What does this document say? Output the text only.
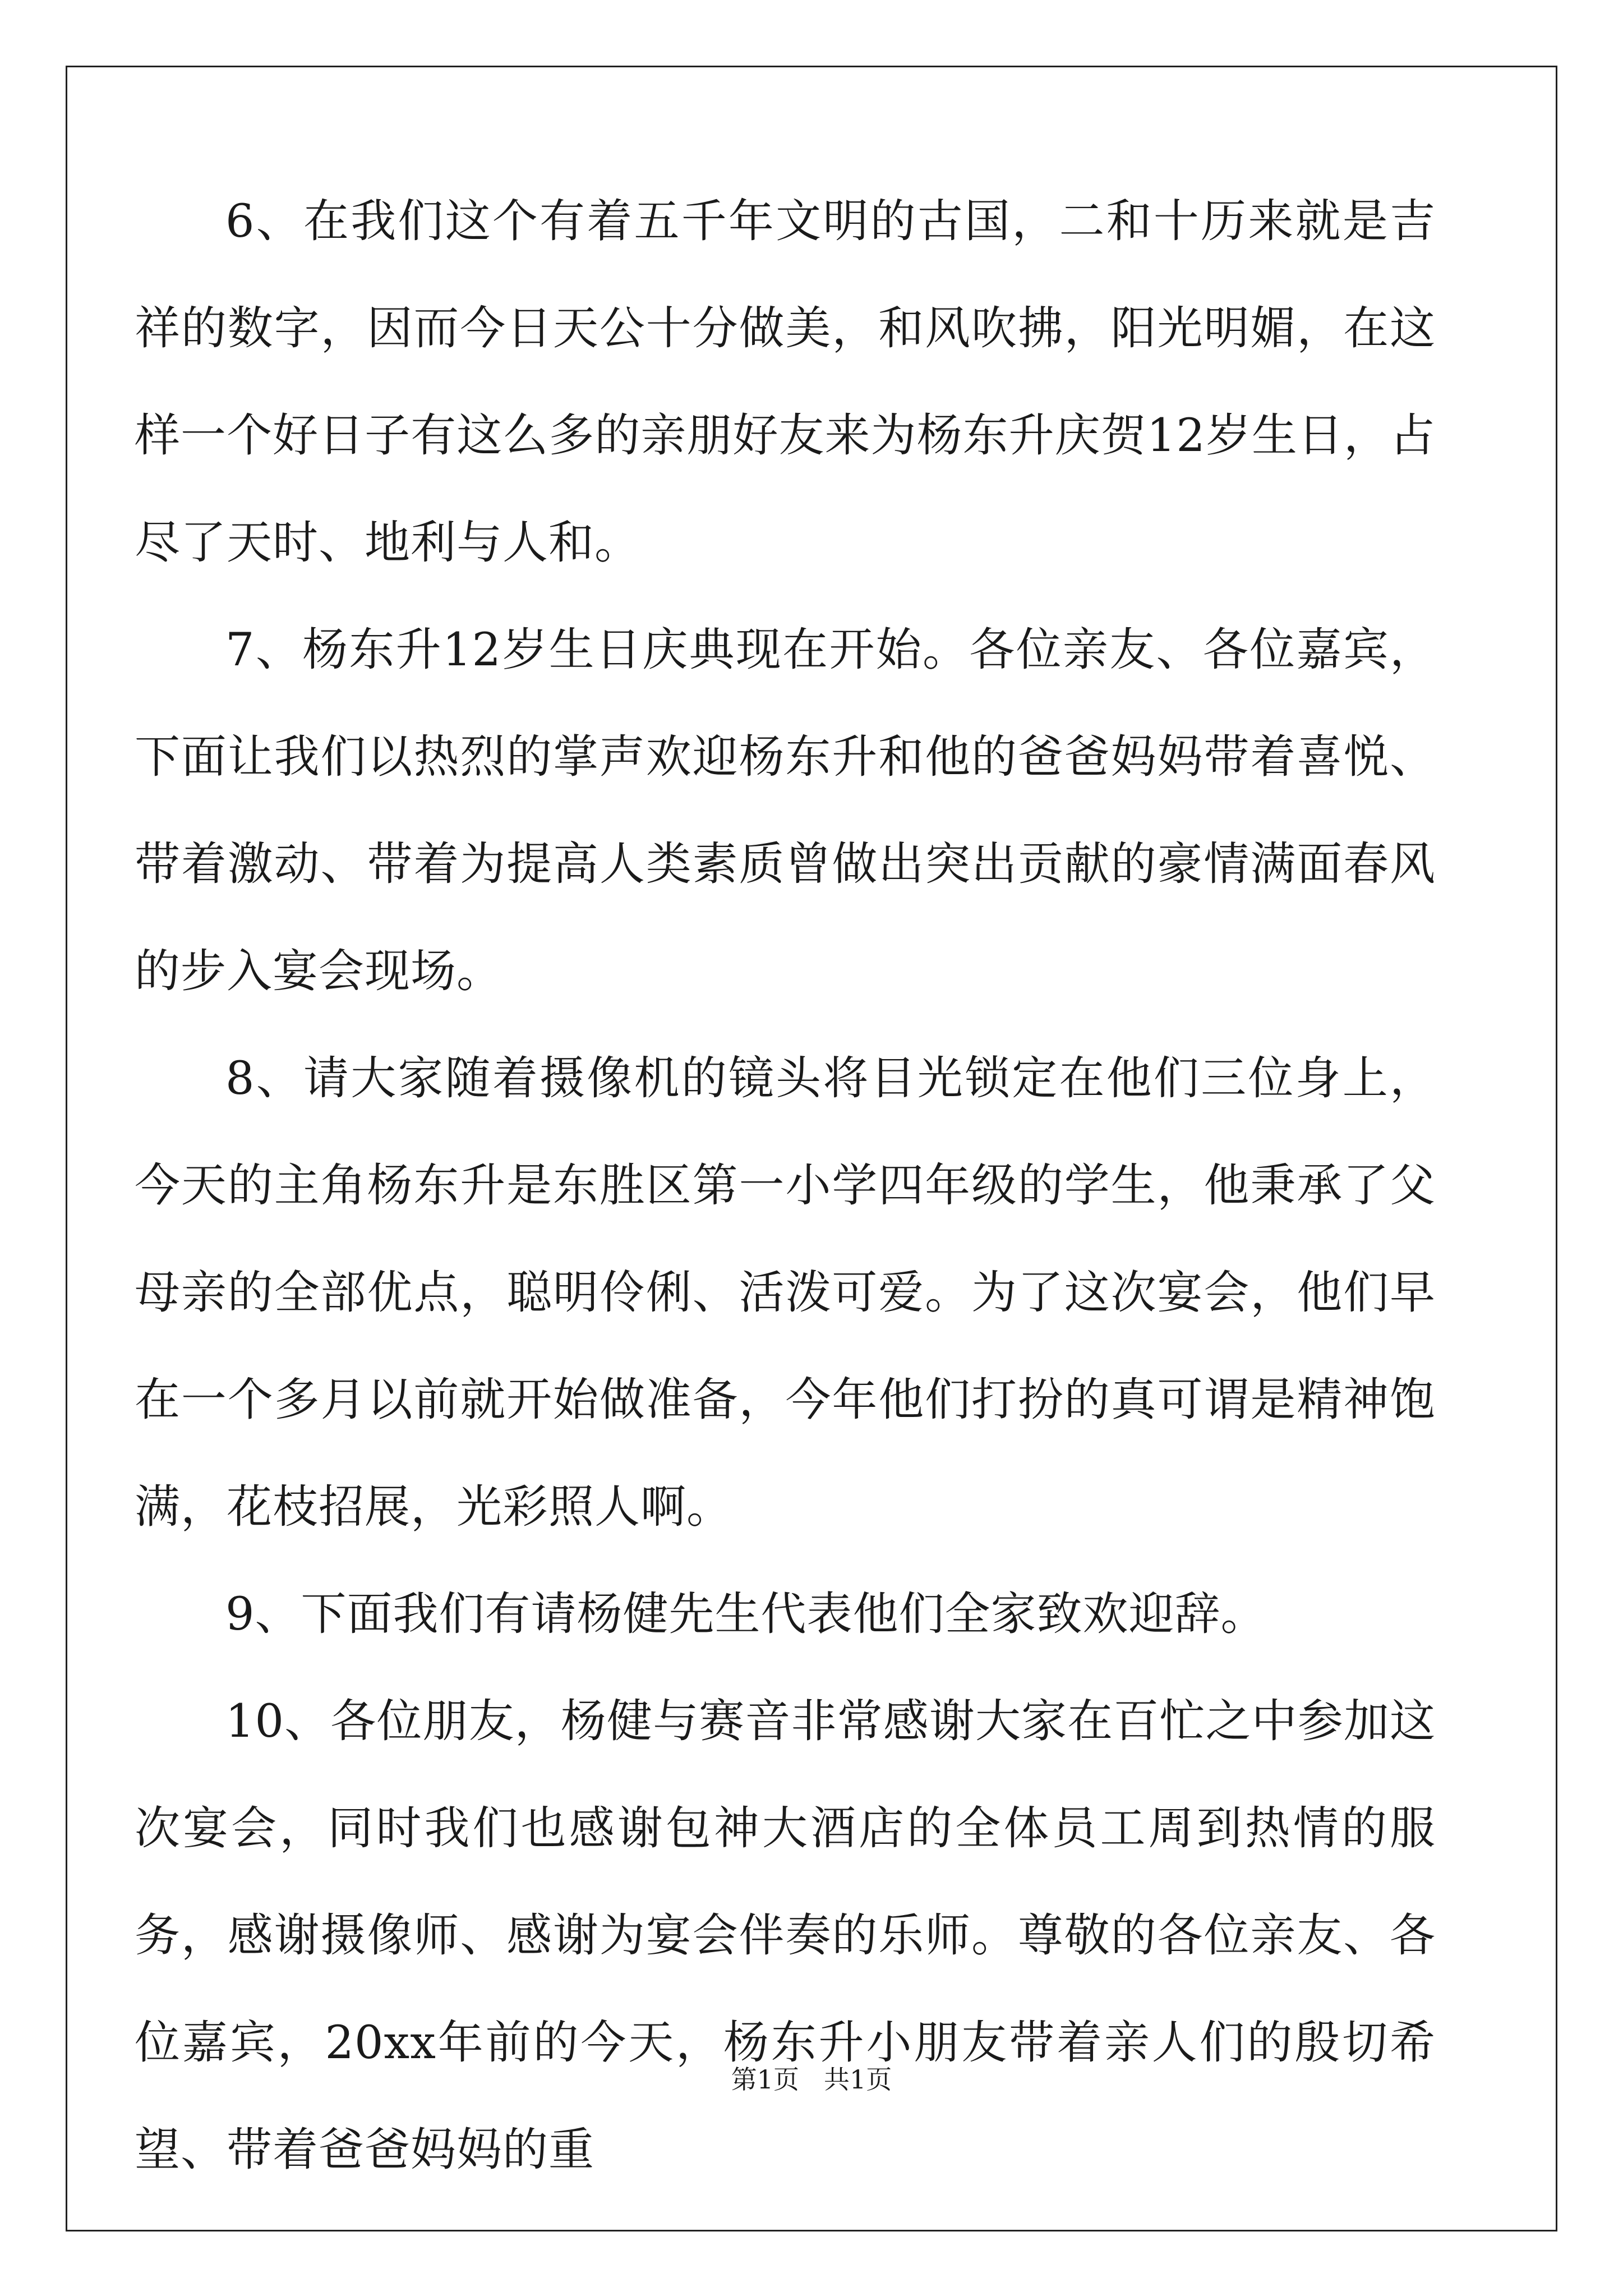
6、在我们这个有着五千年文明的古国，二和十历来就是吉祥的数字，因而今日天公十分做美，和风吹拂，阳光明媚，在这样一个好日子有这么多的亲朋好友来为杨东升庆贺12岁生日，占尽了天时、地利与人和。

7、杨东升12岁生日庆典现在开始。各位亲友、各位嘉宾，下面让我们以热烈的掌声欢迎杨东升和他的爸爸妈妈带着喜悦、带着激动、带着为提高人类素质曾做出突出贡献的豪情满面春风的步入宴会现场。

8、请大家随着摄像机的镜头将目光锁定在他们三位身上，今天的主角杨东升是东胜区第一小学四年级的学生，他秉承了父母亲的全部优点，聪明伶俐、活泼可爱。为了这次宴会，他们早在一个多月以前就开始做准备，今年他们打扮的真可谓是精神饱满，花枝招展，光彩照人啊。

9、下面我们有请杨健先生代表他们全家致欢迎辞。

10、各位朋友，杨健与赛音非常感谢大家在百忙之中参加这次宴会，同时我们也感谢包神大酒店的全体员工周到热情的服务，感谢摄像师、感谢为宴会伴奏的乐师。尊敬的各位亲友、各位嘉宾，20xx年前的今天，杨东升小朋友带着亲人们的殷切希望、带着爸爸妈妈的重

第1页 共1页
